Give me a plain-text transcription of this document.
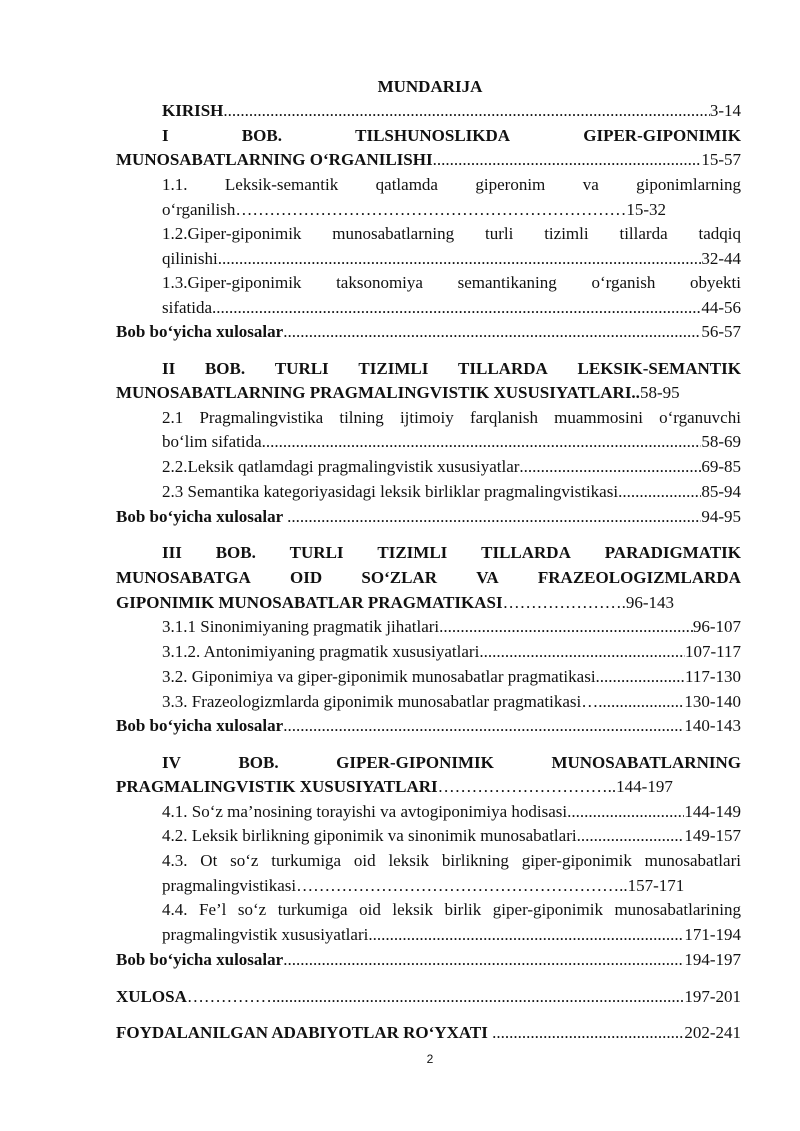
MUNDARIJA
KIRISH .....	3-14
I	BOB.	TILSHUNOSLIKDA	GIPER-GIPONIMIK
MUNOSABATLARNING O‘RGANILISHI .....	15-57
1.1. Leksik-semantik qatlamda giperonim va giponimlarning
o‘rganilish……………………………………………………………15-32
1.2.Giper-giponimik munosabatlarning turli tizimli tillarda tadqiq
qilinishi .....	32-44
1.3.Giper-giponimik taksonomiya semantikaning o‘rganish obyekti
sifatida .....	44-56
Bob bo‘yicha xulosalar .....	56-57
II BOB. TURLI TIZIMLI TILLARDA LEKSIK-SEMANTIK
MUNOSABATLARNING PRAGMALINGVISTIK XUSUSIYATLARI..58-95
2.1 Pragmalingvistika tilning ijtimoiy farqlanish muammosini o‘rganuvchi
bo‘lim sifatida .....	58-69
2.2.Leksik qatlamdagi pragmalingvistik xususiyatlar .....	69-85
2.3 Semantika kategoriyasidagi leksik birliklar pragmalingvistikasi .....	85-94
Bob bo‘yicha xulosalar .....	94-95
III BOB. TURLI TIZIMLI TILLARDA PARADIGMATIK
MUNOSABATGA OID SO‘ZLAR VA FRAZEOLOGIZMLARDA
GIPONIMIK MUNOSABATLAR PRAGMATIKASI………………….96-143
3.1.1 Sinonimiyaning pragmatik jihatlari .....	96-107
3.1.2. Antonimiyaning pragmatik xususiyatlari .....	107-117
3.2. Giponimiya va giper-giponimik munosabatlar pragmatikasi .....	117-130
3.3. Frazeologizmlarda giponimik munosabatlar pragmatikasi … .....	130-140
Bob bo‘yicha xulosalar .....	140-143
IV	BOB.	GIPER-GIPONIMIK	MUNOSABATLARNING
PRAGMALINGVISTIK XUSUSIYATLARI…………………………..144-197
4.1. So‘z ma’nosining torayishi va avtogiponimiya hodisasi .....	144-149
4.2. Leksik birlikning giponimik va sinonimik munosabatlari .....	149-157
4.3. Ot so‘z turkumiga oid leksik birlikning giper-giponimik munosabatlari
pragmalingvistikasi…………………………………………………..157-171
4.4. Fe’l so‘z turkumiga oid leksik birlik giper-giponimik munosabatlarining
pragmalingvistik xususiyatlari .....	171-194
Bob bo‘yicha xulosalar .....	194-197
XULOSA …………… .....	197-201
FOYDALANILGAN ADABIYOTLAR RO‘YXATI .....	202-241
2
